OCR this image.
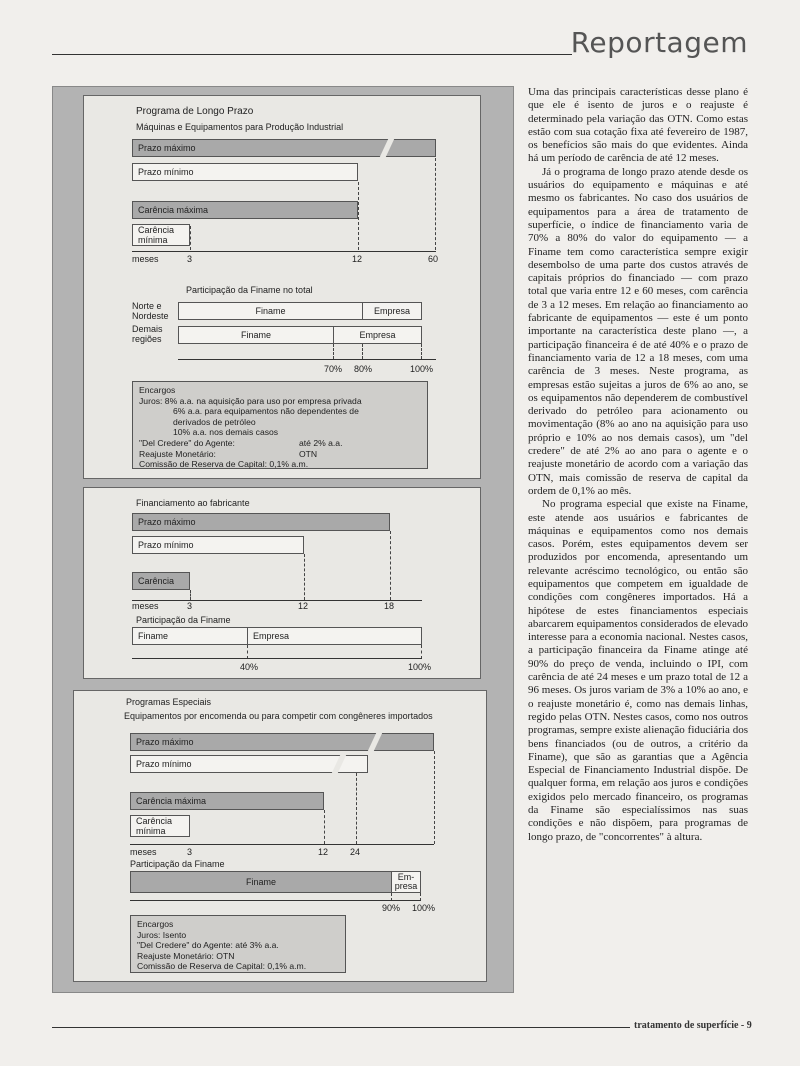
Reportagem
Programa de Longo Prazo
Máquinas e Equipamentos para Produção Industrial
Prazo máximo
Prazo mínimo
Carência máxima
Carência mínima
meses	3	12	60
Participação da Finame no total
Norte e Nordeste
Demais regiões
Finame	Empresa
Finame	Empresa
70% 80%	100%
Encargos
Juros: 8% a.a. na aquisição para uso por empresa privada
6% a.a. para equipamentos não dependentes de
derivados de petróleo
10% a.a. nos demais casos
"Del Credere" do Agente:	até 2% a.a.
Reajuste Monetário:	OTN
Comissão de Reserva de Capital: 0,1% a.m.
Financiamento ao fabricante
Prazo máximo
Prazo mínimo
Carência
meses	3	12	18
Participação da Finame
Finame	Empresa
40%	100%
Programas Especiais
Equipamentos por encomenda ou para competir com congêneres importados
Prazo máximo
Prazo mínimo
Carência máxima
Carência mínima
meses	3	12 24
Participação da Finame
Finame	Em-presa
90% 100%
Encargos
Juros: Isento
"Del Credere" do Agente: até 3% a.a.
Reajuste Monetário: OTN
Comissão de Reserva de Capital: 0,1% a.m.

Uma das principais características desse plano é que ele é isento de juros e o reajuste é determinado pela variação das OTN. Como estas estão com sua cotação fixa até fevereiro de 1987, os benefícios são mais do que evidentes. Ainda há um período de carência de até 12 meses.

Já o programa de longo prazo atende desde os usuários do equipamento e máquinas e até mesmo os fabricantes. No caso dos usuários de equipamentos para a área de tratamento de superfície, o índice de financiamento varia de 70% a 80% do valor do equipamento — a Finame tem como característica sempre exigir desembolso de uma parte dos custos através de capitais próprios do financiado — com prazo total que varia entre 12 e 60 meses, com carência de 3 a 12 meses. Em relação ao financiamento ao fabricante de equipamentos — este é um ponto importante na característica deste plano —, a participação financeira é de até 40% e o prazo de financiamento varia de 12 a 18 meses, com uma carência de 3 meses. Neste programa, as empresas estão sujeitas a juros de 6% ao ano, se os equipamentos não dependerem de combustível derivado do petróleo para acionamento ou movimentação (8% ao ano na aquisição para uso próprio e 10% ao nos demais casos), um "del credere" de até 2% ao ano para o agente e o reajuste monetário de acordo com a variação das OTN, mais comissão de reserva de capital da ordem de 0,1% ao mês.

No programa especial que existe na Finame, este atende aos usuários e fabricantes de máquinas e equipamentos como nos demais casos. Porém, estes equipamentos devem ser produzidos por encomenda, apresentando um relevante acréscimo tecnológico, ou então são equipamentos que competem em igualdade de condições com congêneres importados. Há a hipótese de estes financiamentos especiais abarcarem equipamentos considerados de elevado interesse para a economia nacional. Nestes casos, a participação financeira da Finame atinge até 90% do preço de venda, incluindo o IPI, com carência de até 24 meses e um prazo total de 12 a 96 meses. Os juros variam de 3% a 10% ao ano, e o reajuste monetário é, como nas demais linhas, regido pelas OTN. Nestes casos, como nos outros programas, sempre existe alienação fiduciária dos bens financiados (ou de outros, a critério da Finame), que são as garantias que a Agência Especial de Financiamento Industrial dispõe. De qualquer forma, em relação aos juros e condições exigidos pelo mercado financeiro, os programas da Finame são especialíssimos nas suas condições e não dispõem, para programas de longo prazo, de "concorrentes" à altura.

tratamento de superfície - 9
